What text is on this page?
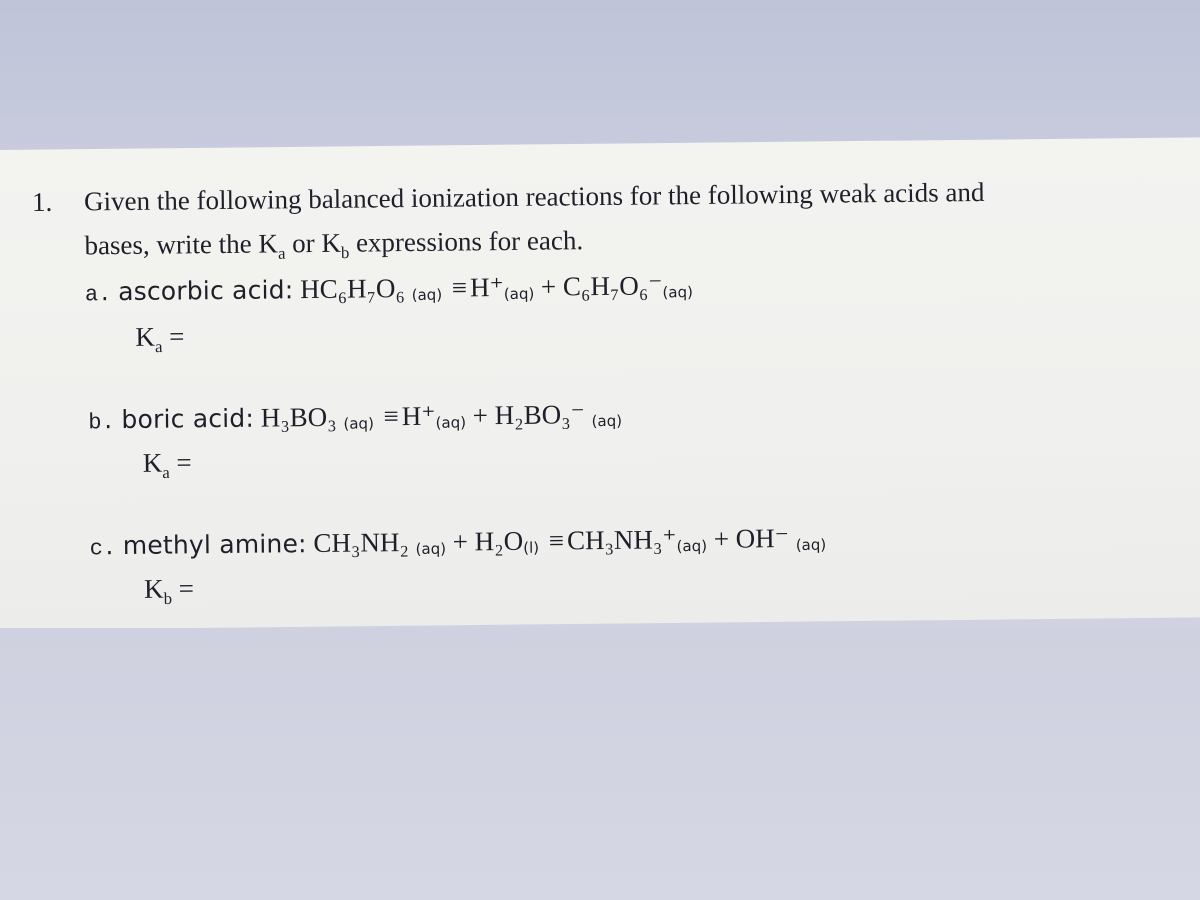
1. Given the following balanced ionization reactions for the following weak acids and
bases, write the $K_a$ or $K_b$ expressions for each.
a. ascorbic acid: HC₆H₇O₆ (aq) ≡H⁺(aq) + C₆H₇O₆⁻(aq)
$K_a$ =
b. boric acid: H₃BO₃ (aq) ≡H⁺(aq) + H₂BO₃⁻ (aq)
$K_a$ =
c. methyl amine: CH₃NH₂ (aq) + H₂O(l) ≡CH₃NH₃⁺(aq) + OH⁻ (aq)
$K_b$ =
